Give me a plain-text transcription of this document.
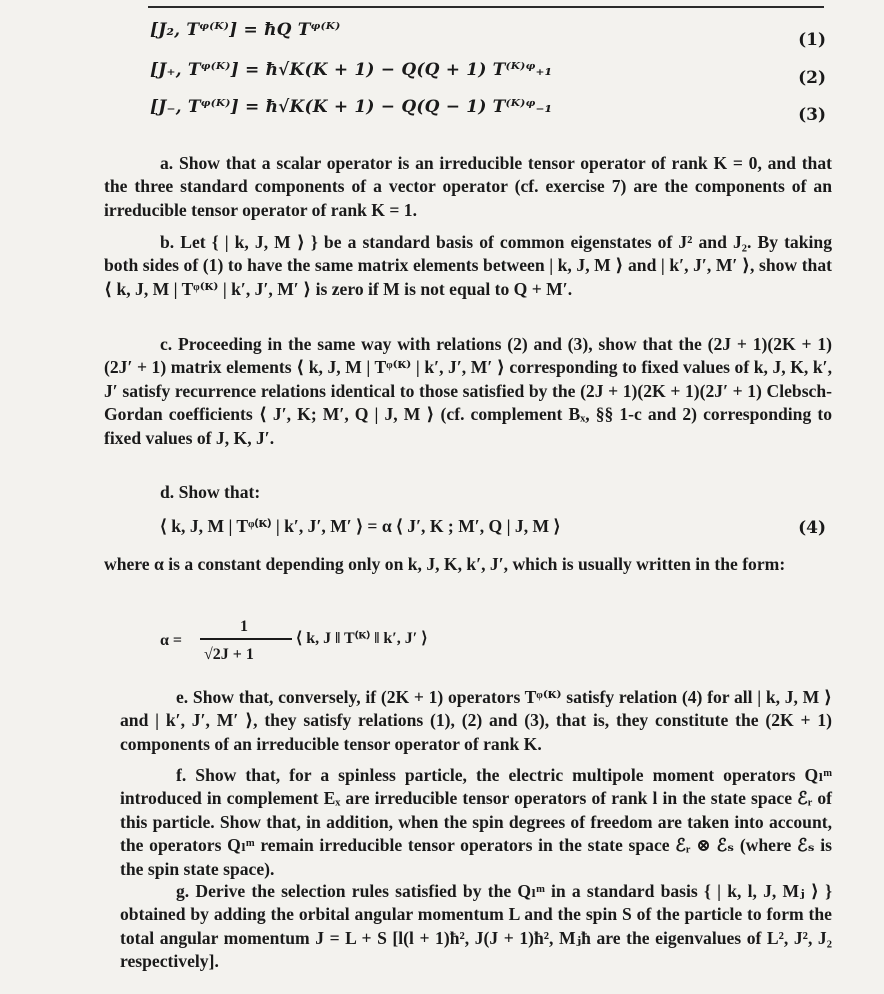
[J₂, Tᵠ⁽ᴷ⁾] = ħQ Tᵠ⁽ᴷ⁾	(1)
[J₊, Tᵠ⁽ᴷ⁾] = ħ√K(K + 1) − Q(Q + 1) T⁽ᴷ⁾ᵠ₊₁	(2)
[J₋, Tᵠ⁽ᴷ⁾] = ħ√K(K + 1) − Q(Q − 1) T⁽ᴷ⁾ᵠ₋₁	(3)

a. Show that a scalar operator is an irreducible tensor operator of rank K = 0, and that the three standard components of a vector operator (cf. exercise 7) are the components of an irreducible tensor operator of rank K = 1.

b. Let { | k, J, M ⟩ } be a standard basis of common eigenstates of J² and J₂. By taking both sides of (1) to have the same matrix elements between | k, J, M ⟩ and | k′, J′, M′ ⟩, show that ⟨ k, J, M | Tᵠ⁽ᴷ⁾ | k′, J′, M′ ⟩ is zero if M is not equal to Q + M′.

c. Proceeding in the same way with relations (2) and (3), show that the (2J + 1)(2K + 1)(2J′ + 1) matrix elements ⟨ k, J, M | Tᵠ⁽ᴷ⁾ | k′, J′, M′ ⟩ corresponding to fixed values of k, J, K, k′, J′ satisfy recurrence relations identical to those satisfied by the (2J + 1)(2K + 1)(2J′ + 1) Clebsch-Gordan coefficients ⟨ J′, K; M′, Q | J, M ⟩ (cf. complement Bₓ, §§ 1-c and 2) corresponding to fixed values of J, K, J′.

d. Show that:
⟨ k, J, M | Tᵠ⁽ᴷ⁾ | k′, J′, M′ ⟩ = α ⟨ J′, K ; M′, Q | J, M ⟩	(4)

where α is a constant depending only on k, J, K, k′, J′, which is usually written in the form:

α =
1
√2J + 1
⟨ k, J ‖ T⁽ᴷ⁾ ‖ k′, J′ ⟩

e. Show that, conversely, if (2K + 1) operators Tᵠ⁽ᴷ⁾ satisfy relation (4) for all | k, J, M ⟩ and | k′, J′, M′ ⟩, they satisfy relations (1), (2) and (3), that is, they constitute the (2K + 1) components of an irreducible tensor operator of rank K.

f. Show that, for a spinless particle, the electric multipole moment operators Qₗᵐ introduced in complement Eₓ are irreducible tensor operators of rank l in the state space ℰᵣ of this particle. Show that, in addition, when the spin degrees of freedom are taken into account, the operators Qₗᵐ remain irreducible tensor operators in the state space ℰᵣ ⊗ ℰₛ (where ℰₛ is the spin state space).

g. Derive the selection rules satisfied by the Qₗᵐ in a standard basis { | k, l, J, Mⱼ ⟩ } obtained by adding the orbital angular momentum L and the spin S of the particle to form the total angular momentum J = L + S [l(l + 1)ħ², J(J + 1)ħ², Mⱼħ are the eigenvalues of L², J², J₂ respectively].
